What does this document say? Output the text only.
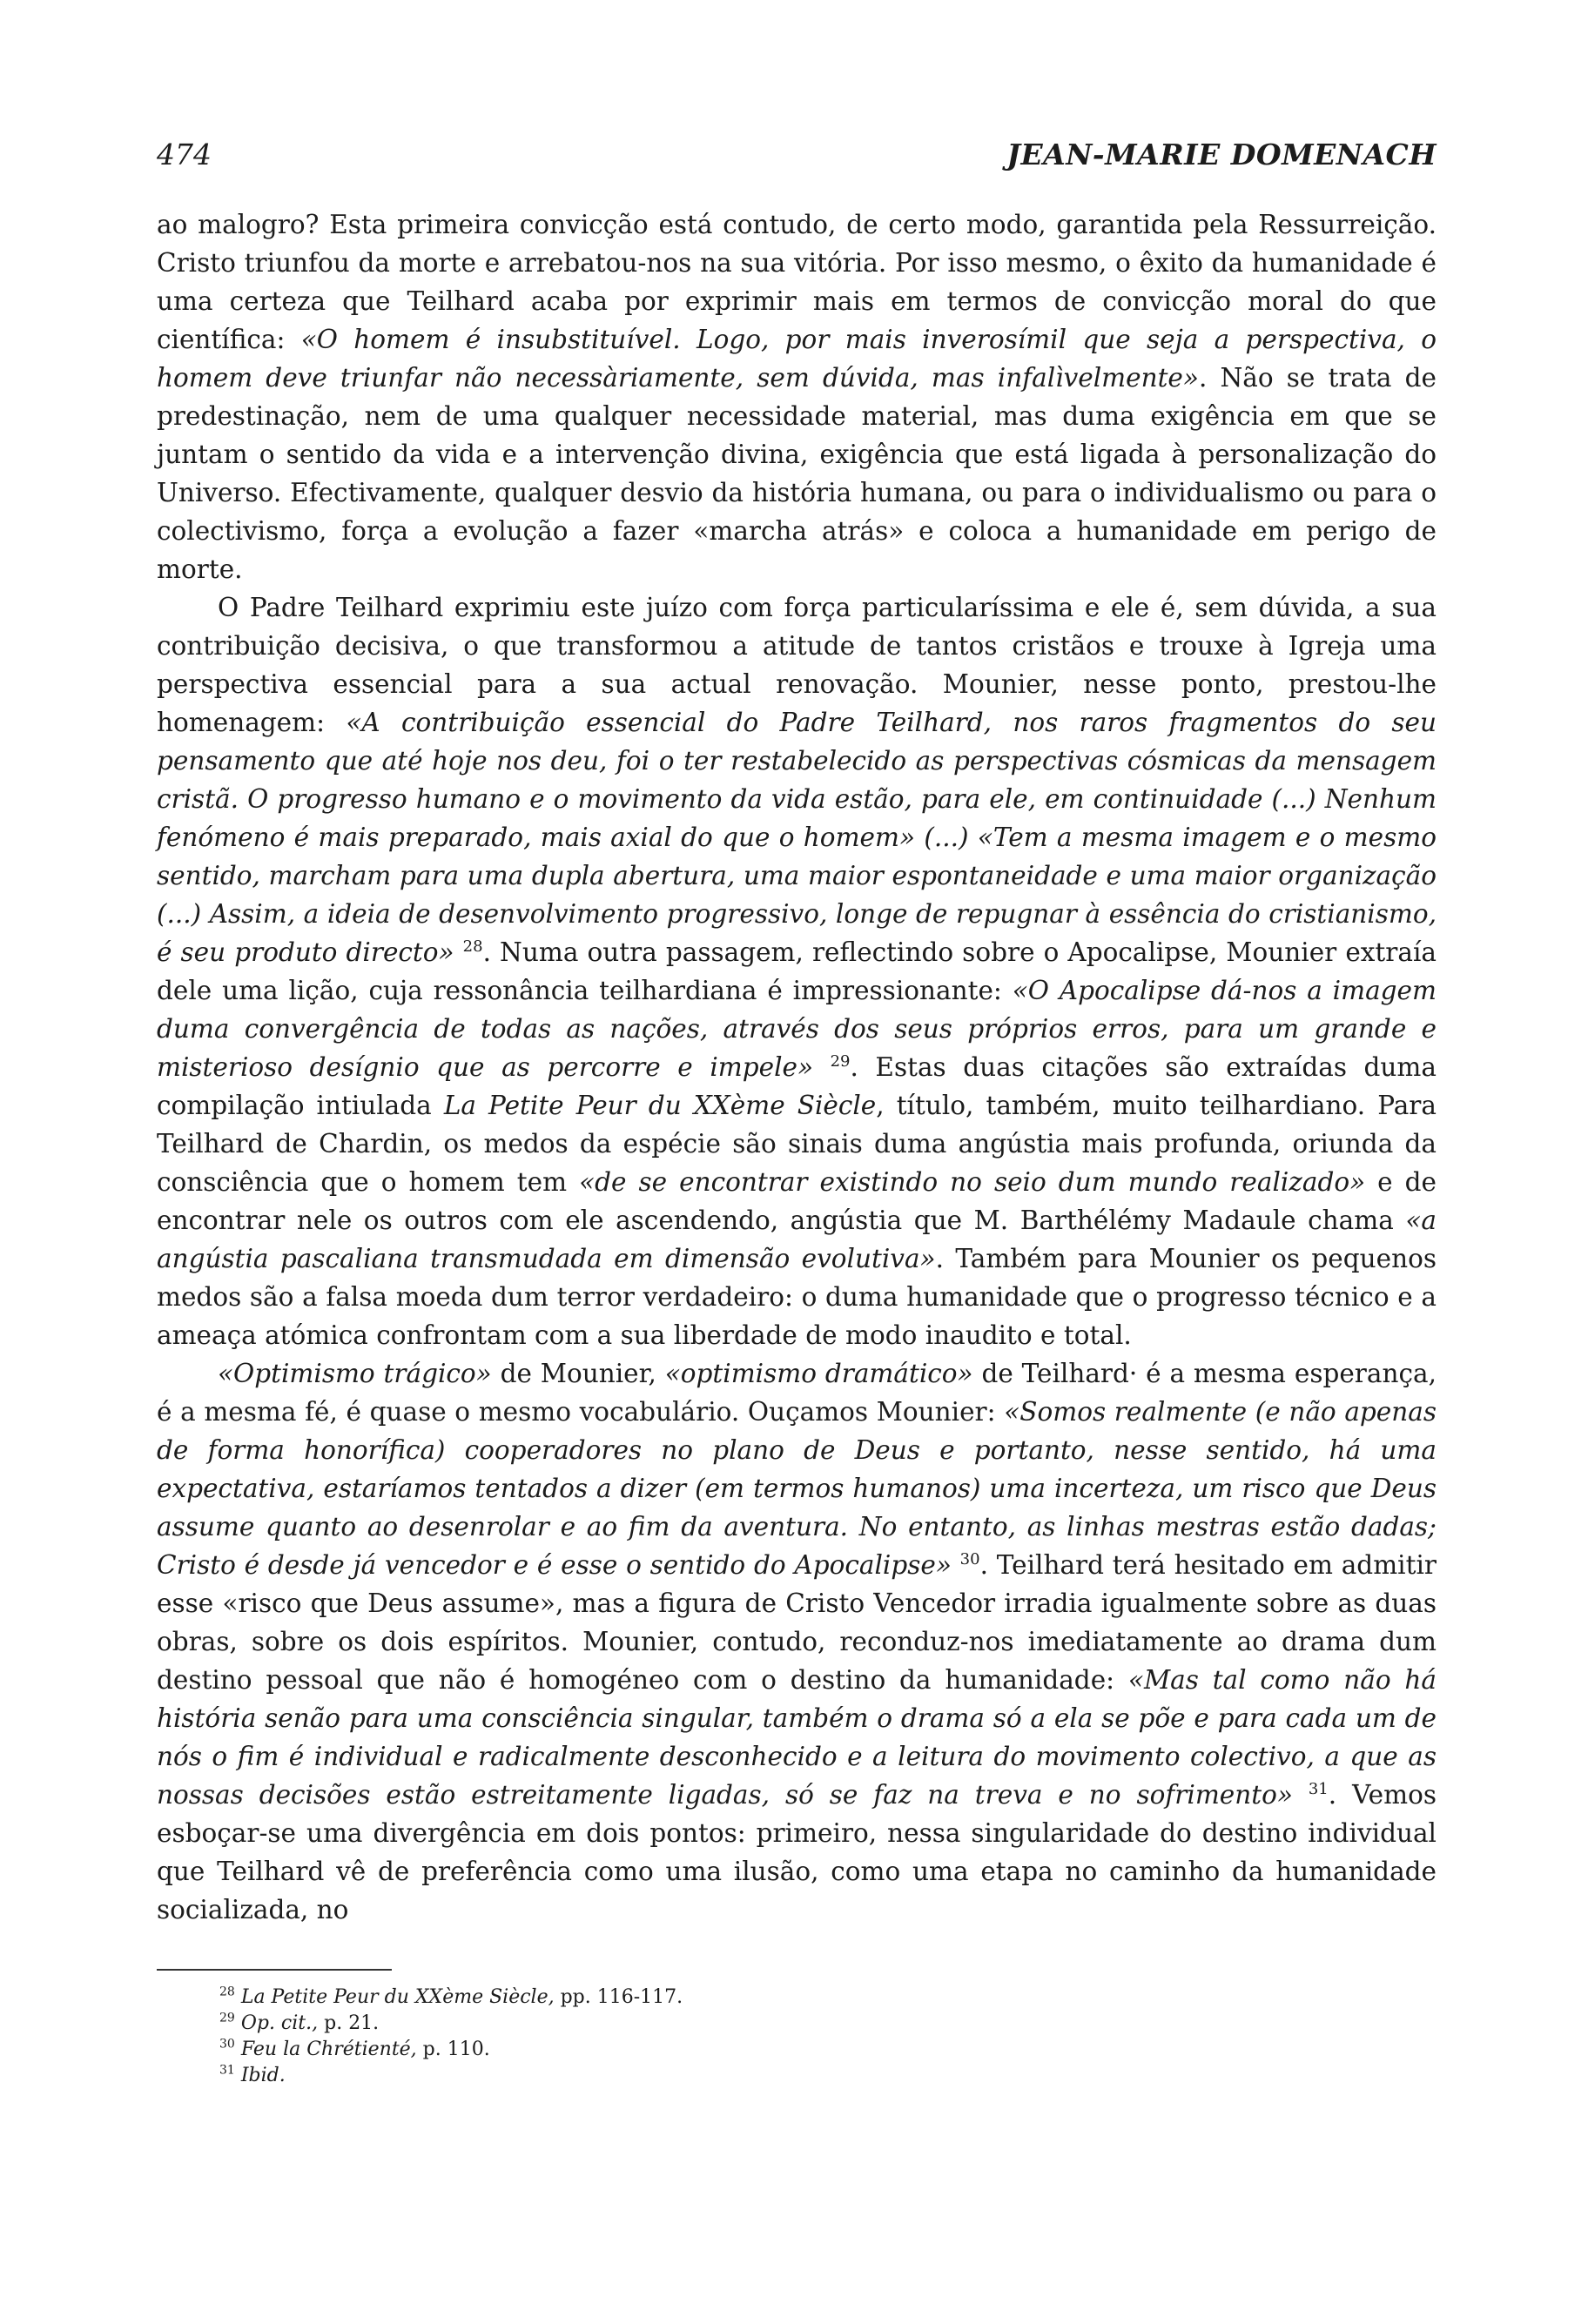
474	JEAN-MARIE DOMENACH

ao malogro? Esta primeira convicção está contudo, de certo modo, garantida pela Ressurreição. Cristo triunfou da morte e arrebatou-nos na sua vitória. Por isso mesmo, o êxito da humanidade é uma certeza que Teilhard acaba por exprimir mais em termos de convicção moral do que científica: «O homem é insubstituível. Logo, por mais inverosímil que seja a perspectiva, o homem deve triunfar não necessàriamente, sem dúvida, mas infalìvelmente». Não se trata de predestinação, nem de uma qualquer necessidade material, mas duma exigência em que se juntam o sentido da vida e a intervenção divina, exigência que está ligada à personalização do Universo. Efectivamente, qualquer desvio da história humana, ou para o individualismo ou para o colectivismo, força a evolução a fazer «marcha atrás» e coloca a humanidade em perigo de morte.

O Padre Teilhard exprimiu este juízo com força particularíssima e ele é, sem dúvida, a sua contribuição decisiva, o que transformou a atitude de tantos cristãos e trouxe à Igreja uma perspectiva essencial para a sua actual renovação. Mounier, nesse ponto, prestou-lhe homenagem: «A contribuição essencial do Padre Teilhard, nos raros fragmentos do seu pensamento que até hoje nos deu, foi o ter restabelecido as perspectivas cósmicas da mensagem cristã. O progresso humano e o movimento da vida estão, para ele, em continuidade (...) Nenhum fenómeno é mais preparado, mais axial do que o homem» (...) «Tem a mesma imagem e o mesmo sentido, marcham para uma dupla abertura, uma maior espontaneidade e uma maior organização (...) Assim, a ideia de desenvolvimento progressivo, longe de repugnar à essência do cristianismo, é seu produto directo» $^{28}$. Numa outra passagem, reflectindo sobre o Apocalipse, Mounier extraía dele uma lição, cuja ressonância teilhardiana é impressionante: «O Apocalipse dá-nos a imagem duma convergência de todas as nações, através dos seus próprios erros, para um grande e misterioso desígnio que as percorre e impele» $^{29}$. Estas duas citações são extraídas duma compilação intiulada La Petite Peur du XXème Siècle, título, também, muito teilhardiano. Para Teilhard de Chardin, os medos da espécie são sinais duma angústia mais profunda, oriunda da consciência que o homem tem «de se encontrar existindo no seio dum mundo realizado» e de encontrar nele os outros com ele ascendendo, angústia que M. Barthélémy Madaule chama «a angústia pascaliana transmudada em dimensão evolutiva». Também para Mounier os pequenos medos são a falsa moeda dum terror verdadeiro: o duma humanidade que o progresso técnico e a ameaça atómica confrontam com a sua liberdade de modo inaudito e total.

«Optimismo trágico» de Mounier, «optimismo dramático» de Teilhard· é a mesma esperança, é a mesma fé, é quase o mesmo vocabulário. Ouçamos Mounier: «Somos realmente (e não apenas de forma honorífica) cooperadores no plano de Deus e portanto, nesse sentido, há uma expectativa, estaríamos tentados a dizer (em termos humanos) uma incerteza, um risco que Deus assume quanto ao desenrolar e ao fim da aventura. No entanto, as linhas mestras estão dadas; Cristo é desde já vencedor e é esse o sentido do Apocalipse» $^{30}$. Teilhard terá hesitado em admitir esse «risco que Deus assume», mas a figura de Cristo Vencedor irradia igualmente sobre as duas obras, sobre os dois espíritos. Mounier, contudo, reconduz-nos imediatamente ao drama dum destino pessoal que não é homogéneo com o destino da humanidade: «Mas tal como não há história senão para uma consciência singular, também o drama só a ela se põe e para cada um de nós o fim é individual e radicalmente desconhecido e a leitura do movimento colectivo, a que as nossas decisões estão estreitamente ligadas, só se faz na treva e no sofrimento» $^{31}$. Vemos esboçar-se uma divergência em dois pontos: primeiro, nessa singularidade do destino individual que Teilhard vê de preferência como uma ilusão, como uma etapa no caminho da humanidade socializada, no

$^{28}$ La Petite Peur du XXème Siècle, pp. 116-117.
$^{29}$ Op. cit., p. 21.
$^{30}$ Feu la Chrétienté, p. 110.
$^{31}$ Ibid.
